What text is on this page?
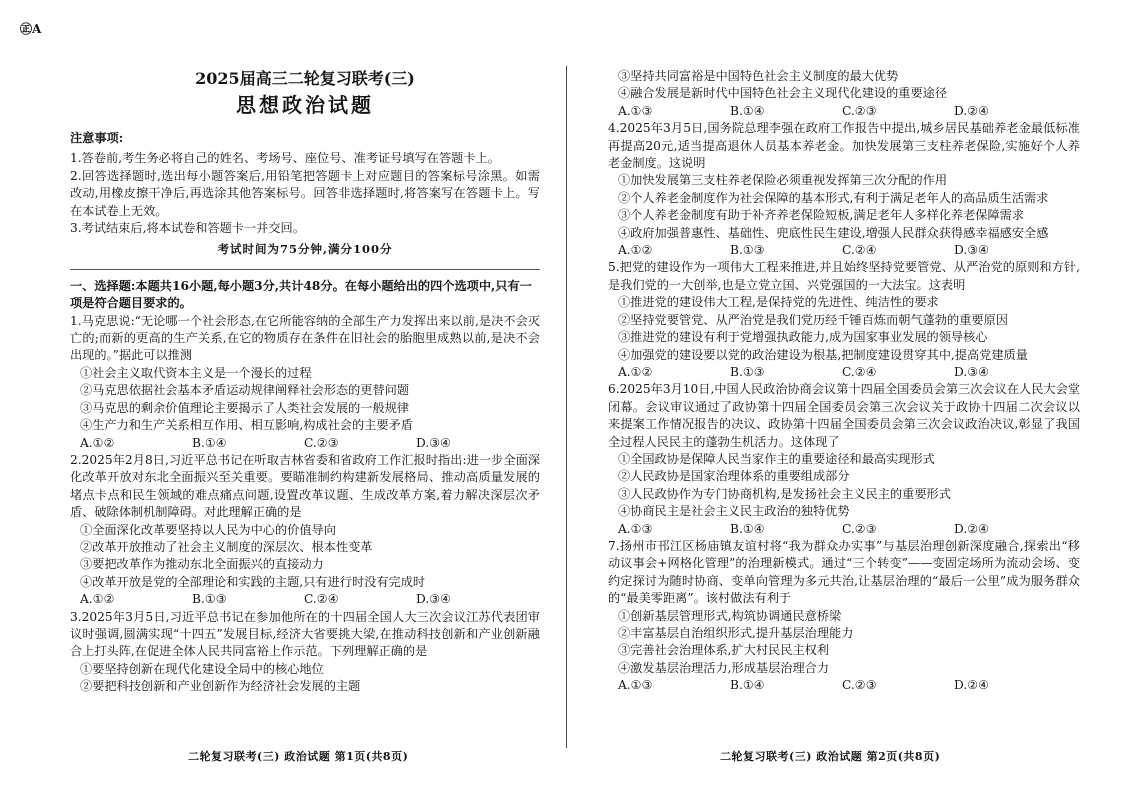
㊣A
2025届高三二轮复习联考(三)
思想政治试题
注意事项:

1.答卷前,考生务必将自己的姓名、考场号、座位号、准考证号填写在答题卡上。

2.回答选择题时,选出每小题答案后,用铅笔把答题卡上对应题目的答案标号涂黑。如需改动,用橡皮擦干净后,再选涂其他答案标号。回答非选择题时,将答案写在答题卡上。写在本试卷上无效。

3.考试结束后,将本试卷和答题卡一并交回。

考试时间为75分钟,满分100分

一、选择题:本题共16小题,每小题3分,共计48分。在每小题给出的四个选项中,只有一项是符合题目要求的。

1.马克思说:“无论哪一个社会形态,在它所能容纳的全部生产力发挥出来以前,是决不会灭亡的;而新的更高的生产关系,在它的物质存在条件在旧社会的胎胞里成熟以前,是决不会出现的。”据此可以推测

①社会主义取代资本主义是一个漫长的过程

②马克思依据社会基本矛盾运动规律阐释社会形态的更替问题

③马克思的剩余价值理论主要揭示了人类社会发展的一般规律

④生产力和生产关系相互作用、相互影响,构成社会的主要矛盾

A.①②	B.①④	C.②③	D.③④

2.2025年2月8日,习近平总书记在听取吉林省委和省政府工作汇报时指出:进一步全面深化改革开放对东北全面振兴至关重要。要瞄准制约构建新发展格局、推动高质量发展的堵点卡点和民生领域的难点痛点问题,设置改革议题、生成改革方案,着力解决深层次矛盾、破除体制机制障碍。对此理解正确的是

①全面深化改革要坚持以人民为中心的价值导向

②改革开放推动了社会主义制度的深层次、根本性变革

③要把改革作为推动东北全面振兴的直接动力

④改革开放是党的全部理论和实践的主题,只有进行时没有完成时

A.①②	B.①③	C.②④	D.③④

3.2025年3月5日,习近平总书记在参加他所在的十四届全国人大三次会议江苏代表团审议时强调,圆满实现“十四五”发展目标,经济大省要挑大梁,在推动科技创新和产业创新融合上打头阵,在促进全体人民共同富裕上作示范。下列理解正确的是

①要坚持创新在现代化建设全局中的核心地位

②要把科技创新和产业创新作为经济社会发展的主题

③坚持共同富裕是中国特色社会主义制度的最大优势

④融合发展是新时代中国特色社会主义现代化建设的重要途径

A.①③	B.①④	C.②③	D.②④

4.2025年3月5日,国务院总理李强在政府工作报告中提出,城乡居民基础养老金最低标准再提高20元,适当提高退休人员基本养老金。加快发展第三支柱养老保险,实施好个人养老金制度。这说明

①加快发展第三支柱养老保险必须重视发挥第三次分配的作用

②个人养老金制度作为社会保障的基本形式,有利于满足老年人的高品质生活需求

③个人养老金制度有助于补齐养老保险短板,满足老年人多样化养老保障需求

④政府加强普惠性、基础性、兜底性民生建设,增强人民群众获得感幸福感安全感

A.①②	B.①③	C.②④	D.③④

5.把党的建设作为一项伟大工程来推进,并且始终坚持党要管党、从严治党的原则和方针,是我们党的一大创举,也是立党立国、兴党强国的一大法宝。这表明

①推进党的建设伟大工程,是保持党的先进性、纯洁性的要求

②坚持党要管党、从严治党是我们党历经千锤百炼而朝气蓬勃的重要原因

③推进党的建设有利于党增强执政能力,成为国家事业发展的领导核心

④加强党的建设要以党的政治建设为根基,把制度建设贯穿其中,提高党建质量

A.①②	B.①③	C.②④	D.③④

6.2025年3月10日,中国人民政治协商会议第十四届全国委员会第三次会议在人民大会堂闭幕。会议审议通过了政协第十四届全国委员会第三次会议关于政协十四届二次会议以来提案工作情况报告的决议、政协第十四届全国委员会第三次会议政治决议,彰显了我国全过程人民民主的蓬勃生机活力。这体现了

①全国政协是保障人民当家作主的重要途径和最高实现形式

②人民政协是国家治理体系的重要组成部分

③人民政协作为专门协商机构,是发扬社会主义民主的重要形式

④协商民主是社会主义民主政治的独特优势

A.①③	B.①④	C.②③	D.②④

7.扬州市邗江区杨庙镇友谊村将“我为群众办实事”与基层治理创新深度融合,探索出“移动议事会+网格化管理”的治理新模式。通过“三个转变”——变固定场所为流动会场、变约定探讨为随时协商、变单向管理为多元共治,让基层治理的“最后一公里”成为服务群众的“最美零距离”。该村做法有利于

①创新基层管理形式,构筑协调通民意桥梁

②丰富基层自治组织形式,提升基层治理能力

③完善社会治理体系,扩大村民民主权利

④激发基层治理活力,形成基层治理合力

A.①③	B.①④	C.②③	D.②④
二轮复习联考(三) 政治试题 第1页(共8页)	二轮复习联考(三) 政治试题 第2页(共8页)
